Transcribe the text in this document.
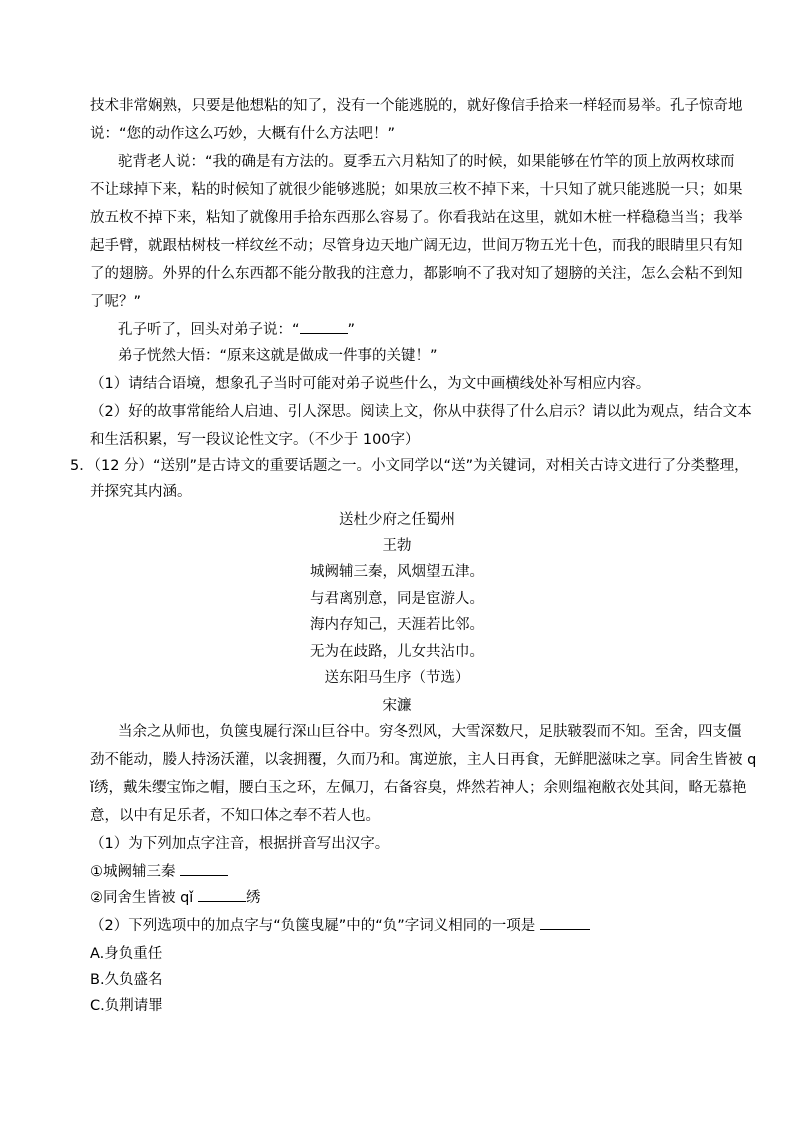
技术非常娴熟，只要是他想粘的知了，没有一个能逃脱的，就好像信手拾来一样轻而易举。孔子惊奇地
说：“您的动作这么巧妙，大概有什么方法吧！”
驼背老人说：“我的确是有方法的。夏季五六月粘知了的时候，如果能够在竹竿的顶上放两枚球而
不让球掉下来，粘的时候知了就很少能够逃脱；如果放三枚不掉下来，十只知了就只能逃脱一只；如果
放五枚不掉下来，粘知了就像用手拾东西那么容易了。你看我站在这里，就如木桩一样稳稳当当；我举
起手臂，就跟枯树枝一样纹丝不动；尽管身边天地广阔无边，世间万物五光十色，而我的眼睛里只有知
了的翅膀。外界的什么东西都不能分散我的注意力，都影响不了我对知了翅膀的关注，怎么会粘不到知
了呢？”
孔子听了，回头对弟子说：“	”
弟子恍然大悟：“原来这就是做成一件事的关键！”
（1）请结合语境，想象孔子当时可能对弟子说些什么，为文中画横线处补写相应内容。
（2）好的故事常能给人启迪、引人深思。阅读上文，你从中获得了什么启示？请以此为观点，结合文本
和生活积累，写一段议论性文字。（不少于 100字）
5．（12 分）“送别”是古诗文的重要话题之一。小文同学以“送”为关键词，对相关古诗文进行了分类整理，
并探究其内涵。
送杜少府之任蜀州
王勃
城阙辅三秦，风烟望五津。
与君离别意，同是宦游人。
海内存知己，天涯若比邻。
无为在歧路，儿女共沾巾。
送东阳马生序（节选）
宋濂
当余之从师也，负箧曳屣行深山巨谷中。穷冬烈风，大雪深数尺，足肤皲裂而不知。至舍，四支僵
劲不能动，媵人持汤沃灌，以衾拥覆，久而乃和。寓逆旅，主人日再食，无鲜肥滋味之享。同舍生皆被 q
ǐ绣，戴朱缨宝饰之帽，腰白玉之环，左佩刀，右备容臭，烨然若神人；余则缊袍敝衣处其间，略无慕艳
意，以中有足乐者，不知口体之奉不若人也。
（1）为下列加点字注音，根据拼音写出汉字。
①城阙辅三秦
②同舍生皆被 qǐ	绣
（2）下列选项中的加点字与“负箧曳屣”中的“负”字词义相同的一项是
A.身负重任
B.久负盛名
C.负荆请罪
